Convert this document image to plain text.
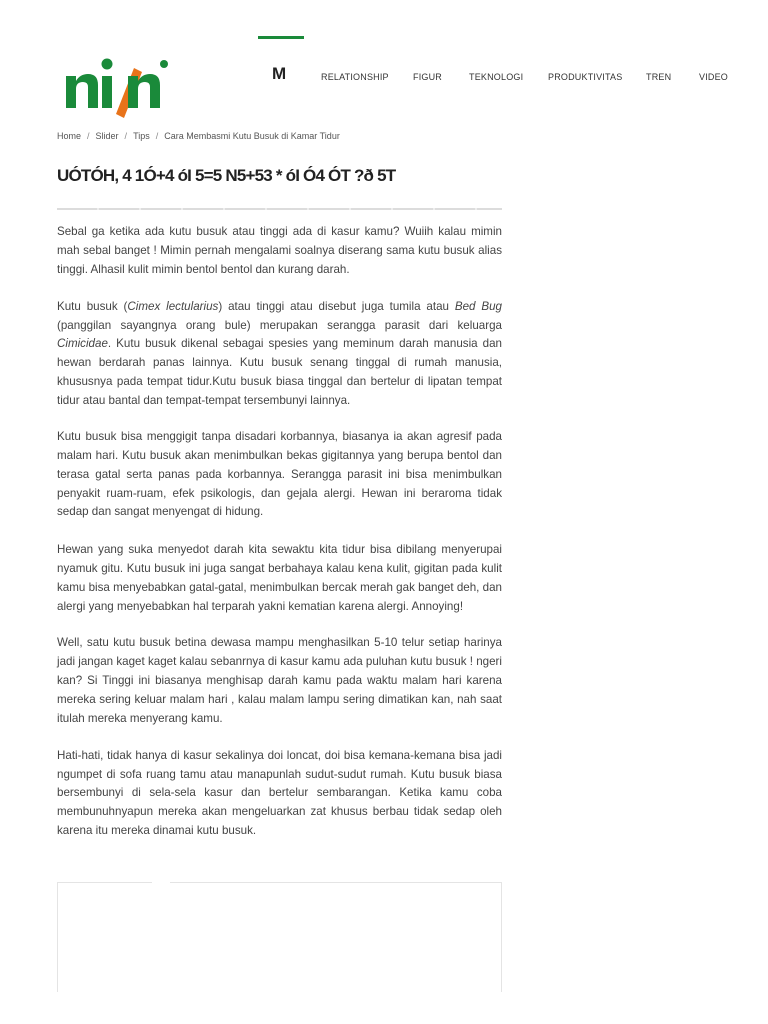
M	RELATIONSHIP	FIGUR	TEKNOLOGI	PRODUKTIVITAS	TREN	VIDEO
Home / Slider / Tips / Cara Membasmi Kutu Busuk di Kamar Tidur
UÓTÓH, 4 1Ó+4 óI 5=5 N5+53 * óI Ó4 ÓT ?ð 5T

Sebal ga ketika ada kutu busuk atau tinggi ada di kasur kamu? Wuiih kalau mimin mah sebal banget ! Mimin pernah mengalami soalnya diserang sama kutu busuk alias tinggi. Alhasil kulit mimin bentol bentol dan kurang darah.

Kutu busuk (Cimex lectularius) atau tinggi atau disebut juga tumila atau Bed Bug (panggilan sayangnya orang bule) merupakan serangga parasit dari keluarga Cimicidae. Kutu busuk dikenal sebagai spesies yang meminum darah manusia dan hewan berdarah panas lainnya. Kutu busuk senang tinggal di rumah manusia, khususnya pada tempat tidur.Kutu busuk biasa tinggal dan bertelur di lipatan tempat tidur atau bantal dan tempat-tempat tersembunyi lainnya.

Kutu busuk bisa menggigit tanpa disadari korbannya, biasanya ia akan agresif pada malam hari. Kutu busuk akan menimbulkan bekas gigitannya yang berupa bentol dan terasa gatal serta panas pada korbannya. Serangga parasit ini bisa menimbulkan penyakit ruam-ruam, efek psikologis, dan gejala alergi. Hewan ini beraroma tidak sedap dan sangat menyengat di hidung.

Hewan yang suka menyedot darah kita sewaktu kita tidur bisa dibilang menyerupai nyamuk gitu. Kutu busuk ini juga sangat berbahaya kalau kena kulit, gigitan pada kulit kamu bisa menyebabkan gatal-gatal, menimbulkan bercak merah gak banget deh, dan alergi yang menyebabkan hal terparah yakni kematian karena alergi. Annoying!

Well, satu kutu busuk betina dewasa mampu menghasilkan 5-10 telur setiap harinya jadi jangan kaget kaget kalau sebanrnya di kasur kamu ada puluhan kutu busuk ! ngeri kan? Si Tinggi ini biasanya menghisap darah kamu pada waktu malam hari karena mereka sering keluar malam hari , kalau malam lampu sering dimatikan kan, nah saat itulah mereka menyerang kamu.

Hati-hati, tidak hanya di kasur sekalinya doi loncat, doi bisa kemana-kemana bisa jadi ngumpet di sofa ruang tamu atau manapunlah sudut-sudut rumah. Kutu busuk biasa bersembunyi di sela-sela kasur dan bertelur sembarangan. Ketika kamu coba membunuhnyapun mereka akan mengeluarkan zat khusus berbau tidak sedap oleh karena itu mereka dinamai kutu busuk.
